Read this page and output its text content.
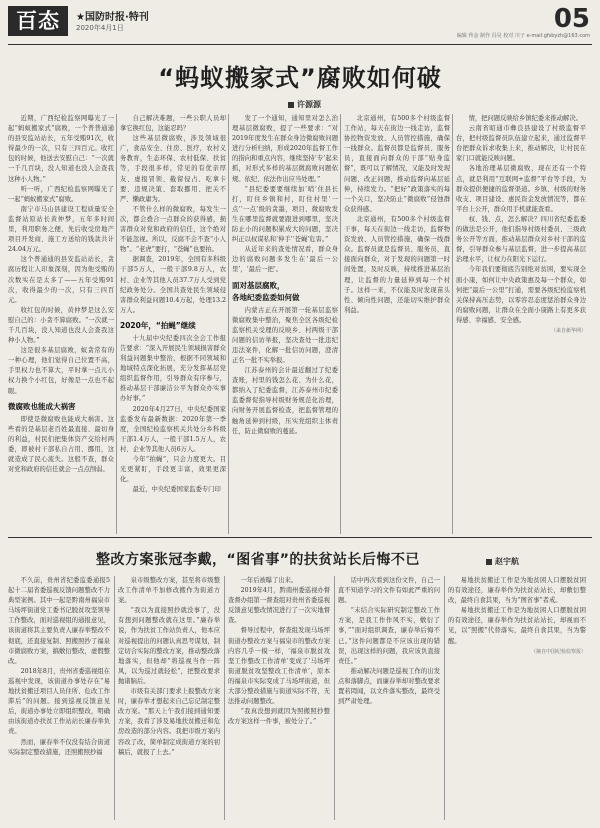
百态	★国防时报·特刊
2020年4月1日	05
编辑 佟金 制作 冯昊 校对 川子 e-mail:gfsbyzh@163.com
“蚂蚁搬家式”腐败如何破
许源源

近期，广西纪检监察网曝光了一起“蚂蚁搬家式”腐败，一个普普通通的县安监站站长，五年受贿91次，收得最少的一次，只有三四百元。收红包的时候，他送去安慰自己：“一次就一千几百块，没人知道也没人会查我这种小人物。”

听一听，广西纪检监察网曝光了一起“蚂蚁搬家式”腐败。

南宁市马山县建设工程质量安全监督站原站长黄仲梦，五年多时间里，利用职务之便，先后收受房地产项目开发商、施工方送给的钱款共计24.04万元。

这个普通通的县安监站站长，贪腐历程让人印象深刻，因为他受贿的次数实在是太多了——五年受贿91次，收得最少的一次，只有三四百元。

收红包的时候，黄仲梦是这么安慰自己的：小贪不算腐败。“一次就一千几百块，没人知道也没人会查我这种小人物。”

这是很多基层腐败，蚁贪常有的一种心理，他们觉得自己位置不高，手里权力也不算大，平时拿一点儿小权力换个小红包，好像是一点也不起眼。

微腐败也能成大祸害

即使是微腐败也能成大祸害。这些看的是基层老百姓最直接、最切身的利益，村民们把集体资产交给村两委，即被村干部私自占用、挪用，这就造成了民心流失。这般不查，群众对党和政府的信任就会一点点削弱。

自己解决难题，一些公职人员却拿它换红包，这能忍吗？

这些基层微腐败，涉及领域很广，食品安全、住房、医疗，农村义务教育，生态环保、农村低保、扶贫等，手段很多样，常见的有优亲厚友、虚报冒领、截留侵占、吃拿卡要、违规决策、套取挪用、把关不严、懒政庸为。

不管什么样的微腐败，每发生一次，都会叠合一点群众的获得感，损害群众对党和政府的信任，这个绝对不能忽视。所以，反腐不会不查“小人物”。“老虎”要打，“苍蝇”也要拍。

据调查，2019年，全国有多科级干部5万人，一般干部9.8万人，农村、企业等其他人员37.7万人受到党纪政务处分。全国共查处民生领域侵害群众利益问题10.4万起，处理13.2万人。

2020年，“拍蝇”继续

十九届中央纪委四次全会工作报告要求：“深入开展民生领域损害群众利益问题集中整治，根据不同领域和地域特点深化拓展，充分发挥基层党组织监督作用，引导群众有序参与，推动基层干部廉洁公平为群众办实事办好事。”

2020年4月27日，中央纪委国家监委发布最新数据：2020年第一季度，全国纪检监察机关共处分乡科级干部1.4万人，一般干部1.5万人，农村、企业等其他人员6万人。

今年“拍蝇”，只会力度更大。目光更紧盯，手段更丰富，效果更深化。

最近，中央纪委国家监委专门印

发了一个通知，通知里对怎么治理基层微腐败，提了一些要求：“对2019年度发生在群众身边微腐败问题进行分析归纳，形成2020年监督工作的指向和重点内容，继续坚持‘专’起来抓，对形式多样的基层微腐败问题依规。依纪、依法作出应当处理。”

“县纪委要要继续加‘哨’住县长打，盯住乡镇和村，盯住村里‘一点’‘一点’级的贪墨，项目、微腐败发生在哪里监督就要跟进到哪里，坚决防止小的问题积累成大的问题，坚决纠正以权谋私和‘伸手’‘苍蝇’危害。”

从近年来的查处情况看，群众身边的腐败问题多发生在‘最后一公里’，‘最后一把’。

面对基层腐败，
各地纪委监委如何做

内蒙古正在开展第一轮基层监察微腐败集中整治，聚焦全区各级纪检监察机关受理的反映乡、村两级干部问题的信访举报，坚决查处一批违纪违法案件，化解一批信访问题，澄清正名一批不实举报。

江苏泰州的会计最近翻过了纪委查账，村里的钱怎么花、为什么花，都纳入了纪委监督，江苏泰州市纪委监委督促指导村级财务规范化治理，向财务开展监督检查，把监督管理的触角延伸到村级，压实党组织主体责任，防止微腐败的蔓延。

北京通州，有500多个村级监督工作站，每天在街边一线走访，监督协控物资发放、人员管控措施，确保一线群众。监督员都是监督员、服务员，直接面向群众的干部“贴身监督”，既可以了解情况，又能及时发现问题、改正问题，推动监督向基层延伸，持续发力。“把好”政策落实的每一个关口，坚决防止“微腐败”侵蚀群众获得感。

北京通州，有500多个村级监督干事，每天在街边一线走访，监督物资发放、人员管控措施，确保一线群众。监督员就是监督员、服务员，直接面向群众，对于发现的问题第一时间处置，及时反映，持续推进基层治理，让监督的力量延伸到每一个村子。这样一来，不仅能及时发现苗头性、倾向性问题，还能切实维护群众利益。

情，把问题反映给乡镇纪委来推动解决。

云南省昭通市彝良县建设了村级监督平台，把村级监督员队伍建立起来，通过监督平台把群众诉求收集上来，推动解决，让村民在家门口就能反映问题。

各地治理基层微腐败，现在还有一个特点，就是利用“互联网+监督”平台等手段，为群众提供便捷的监督渠道。乡镇、村级的财务收支、项目建设、惠民资金发放情况等，都在平台上公开，群众用手机就能查看。

权、钱、点，怎么解决？四川省纪委监委的做法是公开，他们指导村级村委员、三级政务公开等方面，推动基层群众对乡村干部的监督，引导群众参与基层监督，进一步提高基层治理水平，让权力在阳光下运行。

今年我们要彻底告别绝对贫困，要实现全面小康，如何让中央政策惠及每一个群众，如何把“最后一公里”打通，需要各级纪检监察机关保持高压态势，以零容忍态度惩治群众身边的腐败问题，让群众在全面小康路上有更多获得感、幸福感、安全感。

（来自新华网）
整改方案张冠李戴，“图省事”的扶贫站长后悔不已	赵宇航

不久前，贵州省纪委监委通报5起十二届省委巡视反馈问题整改不力典型案例。其中一起是黔南州福泉市马场坪街道党工委书记脱贫攻坚领导工作整改，面对巡视组的通报意见，该街道将其主要负责人廉春举整改不彻底，还直接复制、照搬照抄了福泉市微腐败方案，搞敷衍整改，虚假整改。

2018年8月，贵州省委巡视组在巡视中发现，该街道办事处存在“易地扶贫搬迁项目人员住所、危改工作滞后”的问题。接到巡视反馈意见后，街道办事处立即组织整改，明确由该街道办扶贫工作站站长廉春举负责。

然而，廉春举不仅没有结合街道实际制定整改措施，还照搬照抄福

泉市级整改方案，甚至将市级整改工作清单不加修改搬作为街道方案。

“我以为直接照抄就没事了，没有想到问题整改就在这里。”廉春举说，作为扶贫工作站负责人，他本应对巡视提出的问题认真思考谋划，制定切合实际的整改方案，推动整改落地落实，但他却“将巡视当作一阵风，以为巡过就轻松”，把整改要求抛诸脑后。

市级有关部门要求上报整改方案时，廉春举才想起来自己忘记制定整改方案。“那天上午我们接到通知要方案，我看了涉及易地扶贫搬迁和危房改造的部分内容。我把市级方案内容改了改，简单制定成街道方案的初稿后，就报了上去。”

一年后被曝了出来。

2019年4月，黔南州委巡视办督查督办组第一督查组对贵州省委巡视反馈意见整改情况进行了一次实地督查。

督导过程中，督查组发现马场坪街道办整改方案与福泉市的整改方案内容几乎一模一样，‘福泉市脱贫攻坚工作整改工作清单’变成了‘马场坪街道脱贫攻坚整改工作清单’，原本的福泉市实际变成了马场坪街道，但大部分整改措施与街道实际不符，无法推动问题整改。

“我真没想到就因为照搬照抄整改方案这样一件事，被处分了。”

话中再次看到这份文件，自己一直不知道学习的文件有如此严重的问题。

“未结合实际研究制定整改工作方案，是我工作作风不实，敷衍了事，”“面对组织调查，廉春举后悔不已。”这件问题都是不应该出现的错误，出现这样的问题，我应该负直接责任。”

推动解决问题是巡视工作的出发点和落脚点，而廉春举却对整改要求置若罔闻，以文件落实整改，最终受到严肃处理。

易地扶贫搬迁工作是为地贫困人口摆脱贫困的有效途径，廉春举作为扶贫站站长，却敷衍整改，最终自食其果，当为“图省事”者戒。

易地扶贫搬迁工作是为地贫困人口摆脱贫困的有效途径，廉春举作为扶贫站站长，却视而不见，以“照搬”代替落实，最终自食其果，当为警醒。

（摘自中国纪检监察报）
